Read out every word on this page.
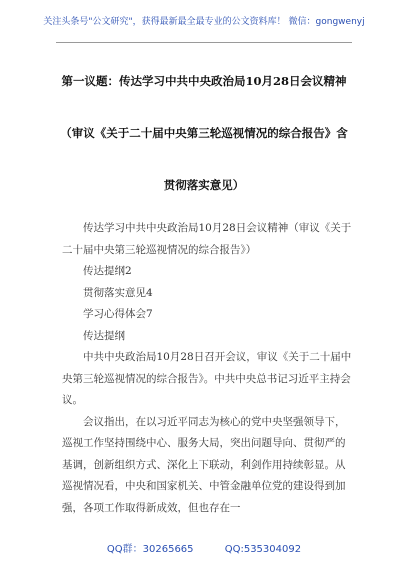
关注头条号"公文研究"，获得最新最全最专业的公文资料库！ 微信：gongwenyj
第一议题：传达学习中共中央政治局10月28日会议精神
（审议《关于二十届中央第三轮巡视情况的综合报告》含
贯彻落实意见）

传达学习中共中央政治局10月28日会议精神（审议《关于二十届中央第三轮巡视情况的综合报告》）

传达提纲2

贯彻落实意见4

学习心得体会7

传达提纲

中共中央政治局10月28日召开会议，审议《关于二十届中央第三轮巡视情况的综合报告》。中共中央总书记习近平主持会议。

会议指出，在以习近平同志为核心的党中央坚强领导下，巡视工作坚持围绕中心、服务大局，突出问题导向、贯彻严的基调，创新组织方式、深化上下联动，利剑作用持续彰显。从巡视情况看，中央和国家机关、中管金融单位党的建设得到加强，各项工作取得新成效，但也存在一

QQ群：30265665	QQ:535304092
